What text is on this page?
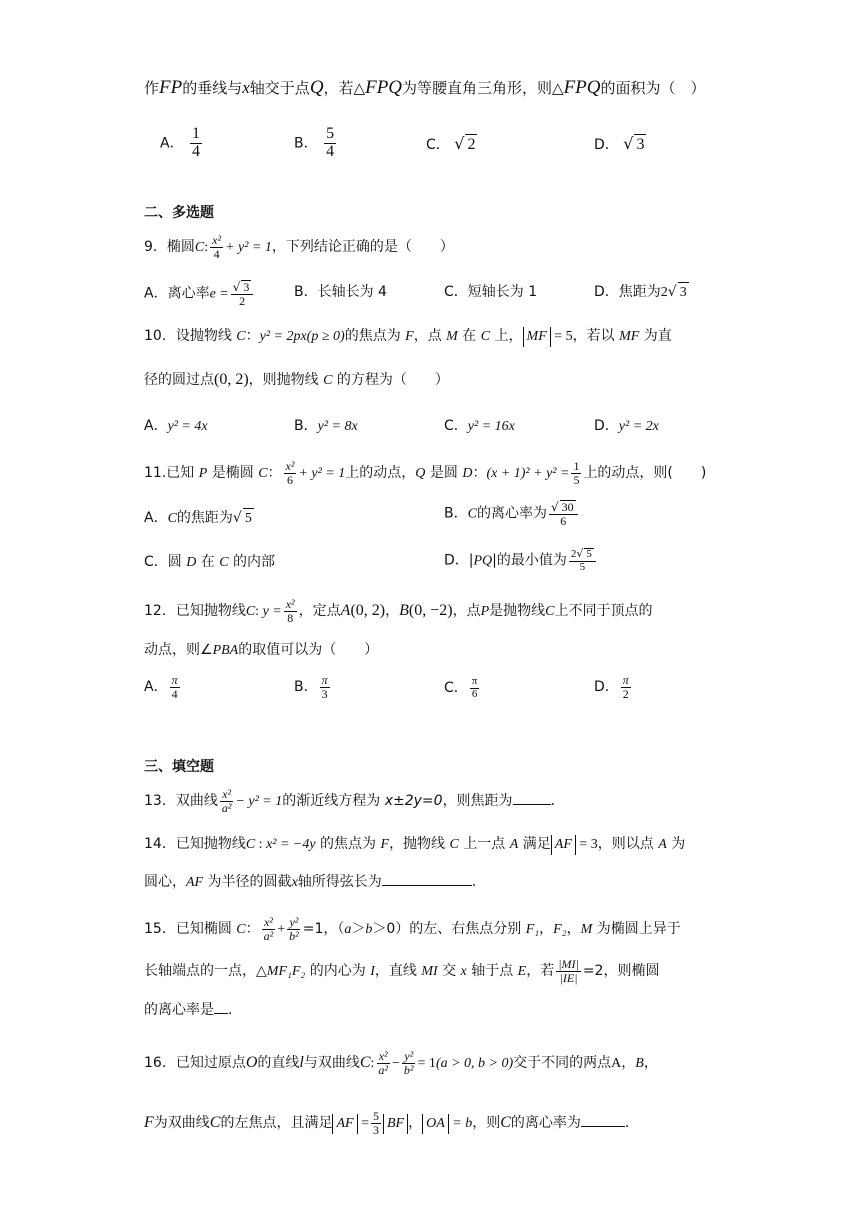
作FP的垂线与x轴交于点Q，若△FPQ为等腰直角三角形，则△FPQ的面积为（　）
A． $\frac{1}{4}$	B． $\frac{5}{4}$	C． √ 2	D． √ 3
二、多选题
9．椭圆C: $\frac{\text{x²}}{4} + y^2 = 1$，下列结论正确的是（　　）
A．离心率$e = \frac{√ 3}{2}$	B．长轴长为 4	C．短轴长为 1	D．焦距为2√ 3
10．设抛物线 C：y² = 2px(p ≥ 0)的焦点为 F，点 M 在 C 上， MF = 5，若以 MF 为直
径的圆过点(0, 2)，则抛物线 C 的方程为（　　）
A．y² = 4x	B．y² = 8x	C．y² = 16x	D．y² = 2x
11.已知 P 是椭圆 C： $\frac{\text{x²}}{6} + y^2 = 1$上的动点，Q 是圆 D：$(x + 1)^2 + y^2 = \frac{1}{5}$ 上的动点，则(　　)
A．C的焦距为√ 5	B．C的离心率为 $\frac{√ 30}{6}$
C．圆 D 在 C 的内部	D．|PQ|的最小值为 $\frac{2√ 5}{5}$
12．已知抛物线C: $y = \frac{\text{x²}}{8}$ ，定点A(0, 2)，B(0, −2)，点P是抛物线C上不同于顶点的
动点，则∠PBA的取值可以为（　　）
A． $\frac{\pi}{4}$	B． $\frac{\pi}{3}$	C． $\frac{\pi}{6}$	D． $\frac{\pi}{2}$
三、填空题
13．双曲线 $\frac{\text{x²}}{\text{a²}} - y^2 = 1$的渐近线方程为 x±2y=0，则焦距为	.
14．已知抛物线C : x² = −4y 的焦点为 F，抛物线 C 上一点 A 满足 AF = 3，则以点 A 为
圆心，AF 为半径的圆截x轴所得弦长为	.
15．已知椭圆 C： $\frac{\text{x²}}{\text{a²}} + \frac{\text{y²}}{\text{b²}} =1$，（a＞b＞0）的左、右焦点分别 F₁，F₂，M 为椭圆上异于
长轴端点的一点，△MF₁F₂ 的内心为 I，直线 MI 交 x 轴于点 E，若 $\frac{|MI|}{|IE|} =2$，则椭圆
的离心率是 .
16．已知过原点O的直线l与双曲线C: $\frac{\text{x²}}{\text{a²}} - \frac{\text{y²}}{\text{b²}} = 1(a > 0$, b > 0)交于不同的两点A，B，
F为双曲线C的左焦点，且满足 AF = $\frac{5}{3}$ BF ， OA = b，则C的离心率为	.
